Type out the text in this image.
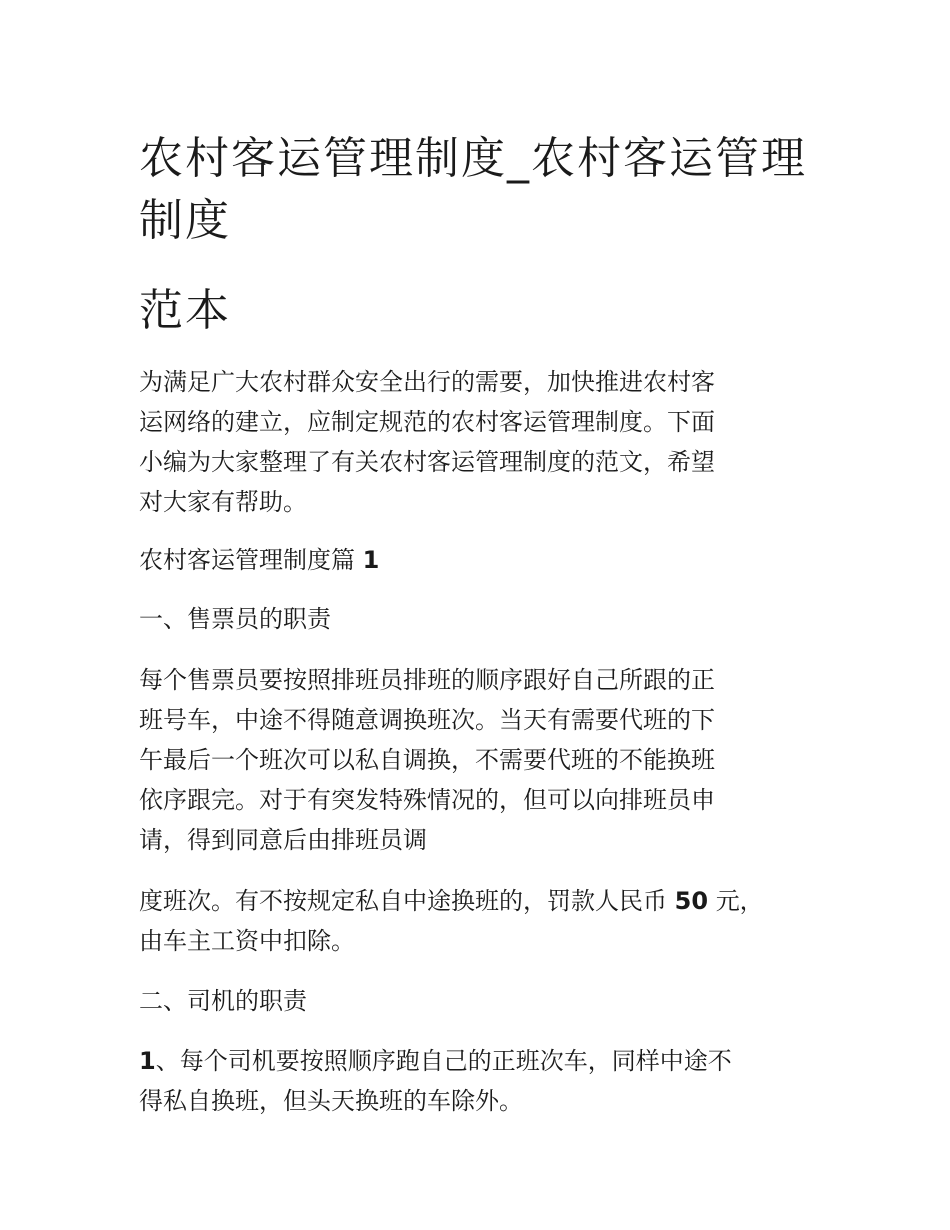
农村客运管理制度_农村客运管理
制度
范本

为满足广大农村群众安全出行的需要，加快推进农村客
运网络的建立，应制定规范的农村客运管理制度。下面
小编为大家整理了有关农村客运管理制度的范文，希望
对大家有帮助。

农村客运管理制度篇 1

一、售票员的职责

每个售票员要按照排班员排班的顺序跟好自己所跟的正
班号车，中途不得随意调换班次。当天有需要代班的下
午最后一个班次可以私自调换，不需要代班的不能换班
依序跟完。对于有突发特殊情况的，但可以向排班员申
请，得到同意后由排班员调

度班次。有不按规定私自中途换班的，罚款人民币 50 元，
由车主工资中扣除。

二、司机的职责

1、每个司机要按照顺序跑自己的正班次车，同样中途不
得私自换班，但头天换班的车除外。
